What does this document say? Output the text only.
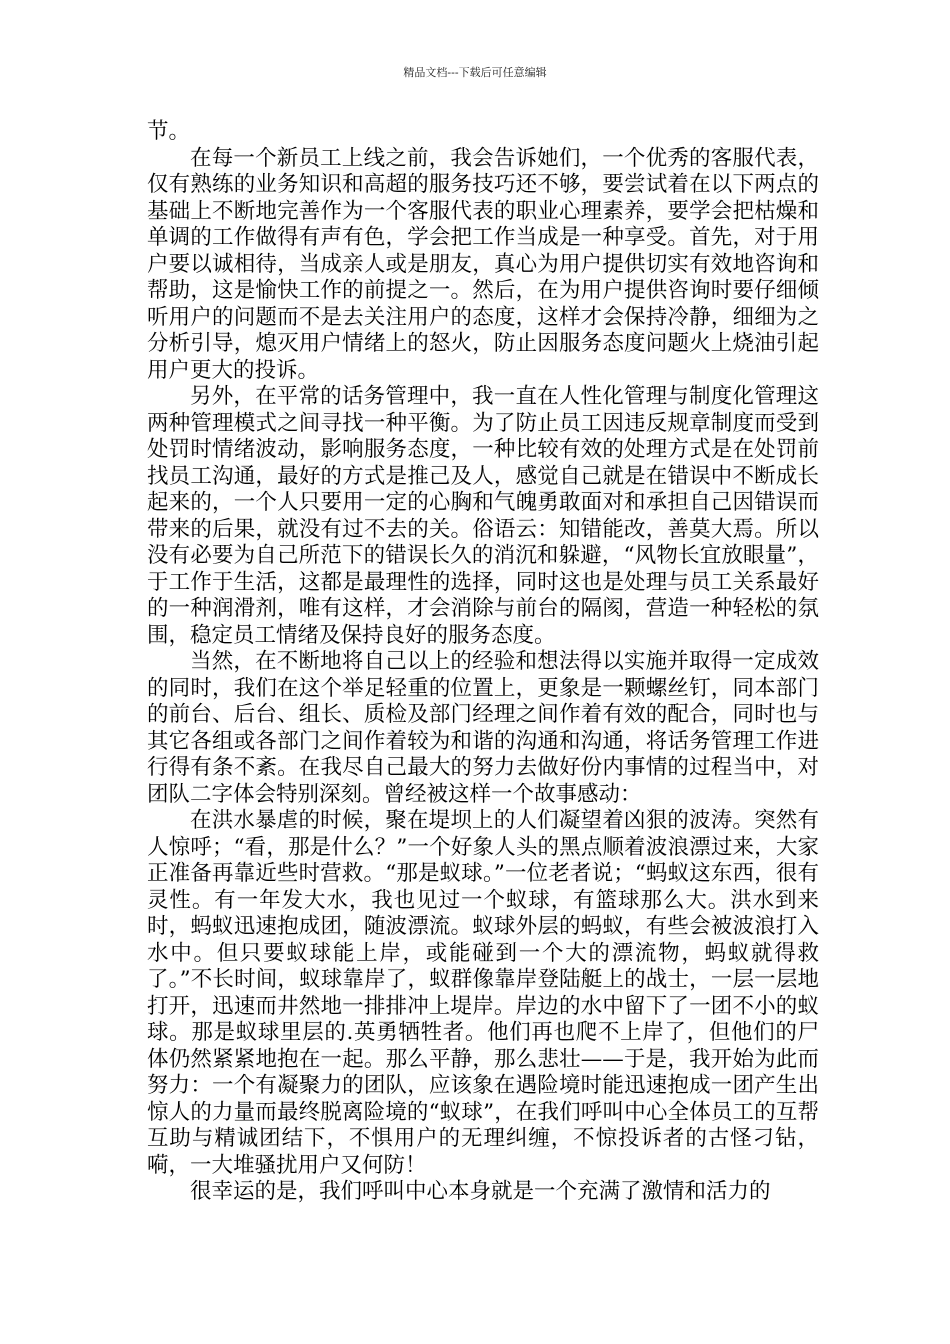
精品文档---下载后可任意编辑

节。

在每一个新员工上线之前，我会告诉她们，一个优秀的客服代表，仅有熟练的业务知识和高超的服务技巧还不够，要尝试着在以下两点的基础上不断地完善作为一个客服代表的职业心理素养，要学会把枯燥和单调的工作做得有声有色，学会把工作当成是一种享受。首先，对于用户要以诚相待，当成亲人或是朋友，真心为用户提供切实有效地咨询和帮助，这是愉快工作的前提之一。然后，在为用户提供咨询时要仔细倾听用户的问题而不是去关注用户的态度，这样才会保持冷静，细细为之分析引导，熄灭用户情绪上的怒火，防止因服务态度问题火上烧油引起用户更大的投诉。

另外，在平常的话务管理中，我一直在人性化管理与制度化管理这两种管理模式之间寻找一种平衡。为了防止员工因违反规章制度而受到处罚时情绪波动，影响服务态度，一种比较有效的处理方式是在处罚前找员工沟通，最好的方式是推己及人，感觉自己就是在错误中不断成长起来的，一个人只要用一定的心胸和气魄勇敢面对和承担自己因错误而带来的后果，就没有过不去的关。俗语云：知错能改，善莫大焉。所以没有必要为自己所范下的错误长久的消沉和躲避，“风物长宜放眼量”，于工作于生活，这都是最理性的选择，同时这也是处理与员工关系最好的一种润滑剂，唯有这样，才会消除与前台的隔阂，营造一种轻松的氛围，稳定员工情绪及保持良好的服务态度。

当然，在不断地将自己以上的经验和想法得以实施并取得一定成效的同时，我们在这个举足轻重的位置上，更象是一颗螺丝钉，同本部门的前台、后台、组长、质检及部门经理之间作着有效的配合，同时也与其它各组或各部门之间作着较为和谐的沟通和沟通，将话务管理工作进行得有条不紊。在我尽自己最大的努力去做好份内事情的过程当中，对团队二字体会特别深刻。曾经被这样一个故事感动：

在洪水暴虐的时候，聚在堤坝上的人们凝望着凶狠的波涛。突然有人惊呼；“看，那是什么？”一个好象人头的黑点顺着波浪漂过来，大家正准备再靠近些时营救。“那是蚁球。”一位老者说；“蚂蚁这东西，很有灵性。有一年发大水，我也见过一个蚁球，有篮球那么大。洪水到来时，蚂蚁迅速抱成团，随波漂流。蚁球外层的蚂蚁，有些会被波浪打入水中。但只要蚁球能上岸，或能碰到一个大的漂流物，蚂蚁就得救了。”不长时间，蚁球靠岸了，蚁群像靠岸登陆艇上的战士，一层一层地打开，迅速而井然地一排排冲上堤岸。岸边的水中留下了一团不小的蚁球。那是蚁球里层的.英勇牺牲者。他们再也爬不上岸了，但他们的尸体仍然紧紧地抱在一起。那么平静，那么悲壮——于是，我开始为此而努力：一个有凝聚力的团队，应该象在遇险境时能迅速抱成一团产生出惊人的力量而最终脱离险境的“蚁球”，在我们呼叫中心全体员工的互帮互助与精诚团结下，不惧用户的无理纠缠，不惊投诉者的古怪刁钻，嗬，一大堆骚扰用户又何防！

很幸运的是，我们呼叫中心本身就是一个充满了激情和活力的
